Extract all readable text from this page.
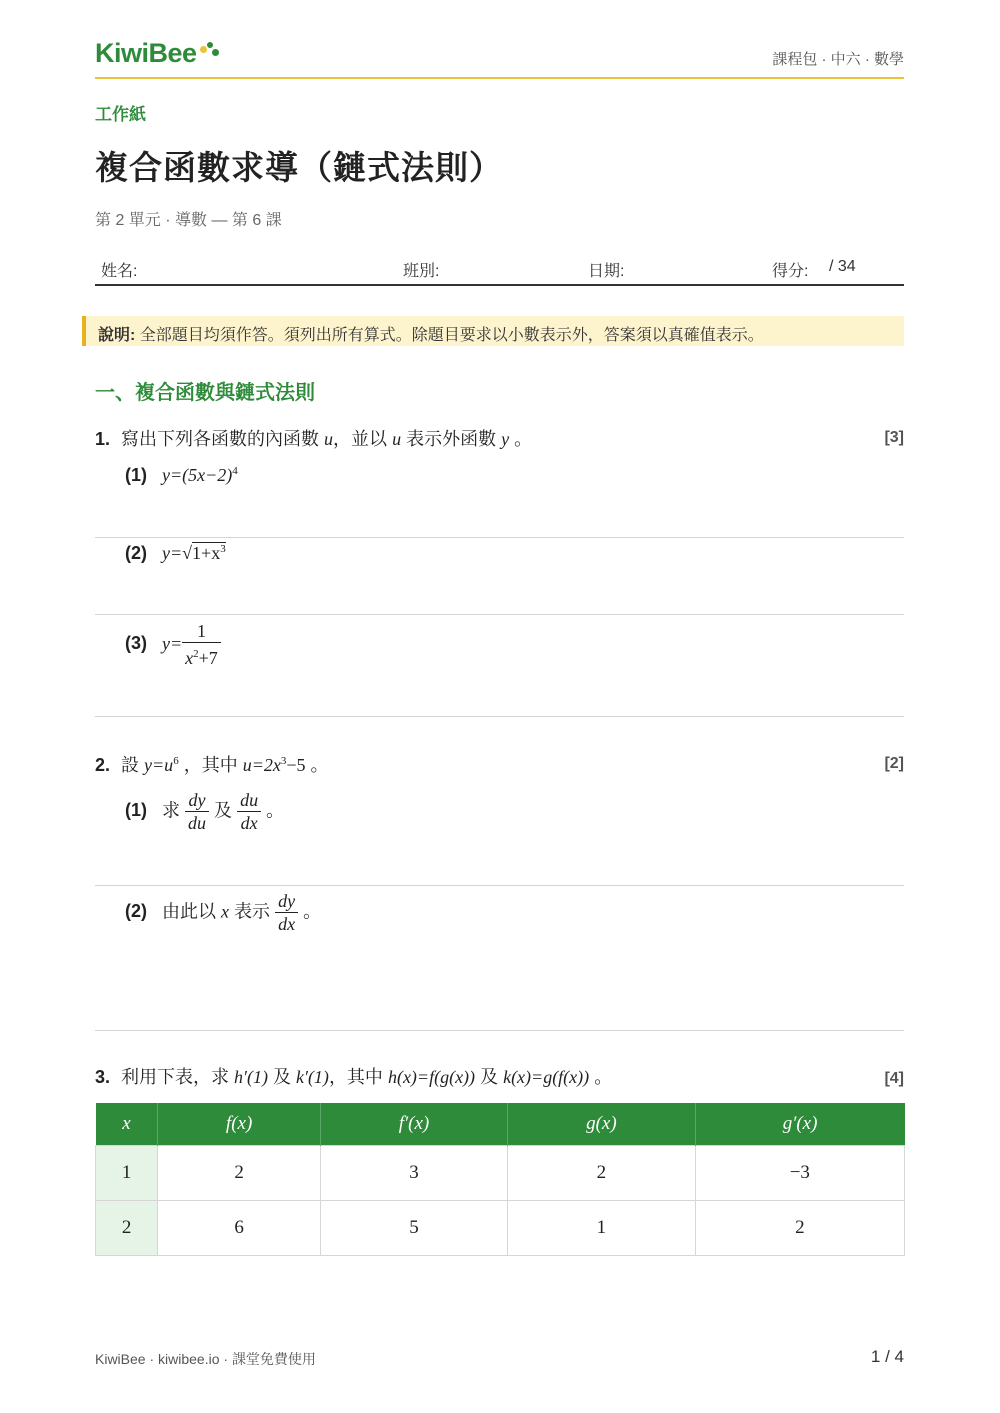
KiwiBee	課程包 · 中六 · 數學
工作紙
複合函數求導（鏈式法則）
第 2 單元 · 導數 — 第 6 課
姓名:	班別:	日期:	得分: / 34
說明: 全部題目均須作答。須列出所有算式。除題目要求以小數表示外，答案須以真確值表示。
一、複合函數與鏈式法則
1. 寫出下列各函數的內函數 u，並以 u 表示外函數 y 。	[3]
(1) $y=(5x-2)^4$
(2) $y=√1+x^3$
(3) $y= \frac{1}{x^2+7}$
2. 設 $y=u^6$ ，其中 $u=2x^3-5$ 。	[2]
(1) 求 $\frac{dy}{du}$ 及 $\frac{du}{dx}$ 。
(2) 由此以 x 表示 $\frac{dy}{dx}$ 。
3. 利用下表，求 h′(1) 及 k′(1)，其中 h(x)=f(g(x)) 及 k(x)=g(f(x)) 。	[4]
x	f(x)	f′(x)	g(x)	g′(x)
1	2	3	2	−3
2	6	5	1	2
KiwiBee · kiwibee.io · 課堂免費使用	1 / 4
